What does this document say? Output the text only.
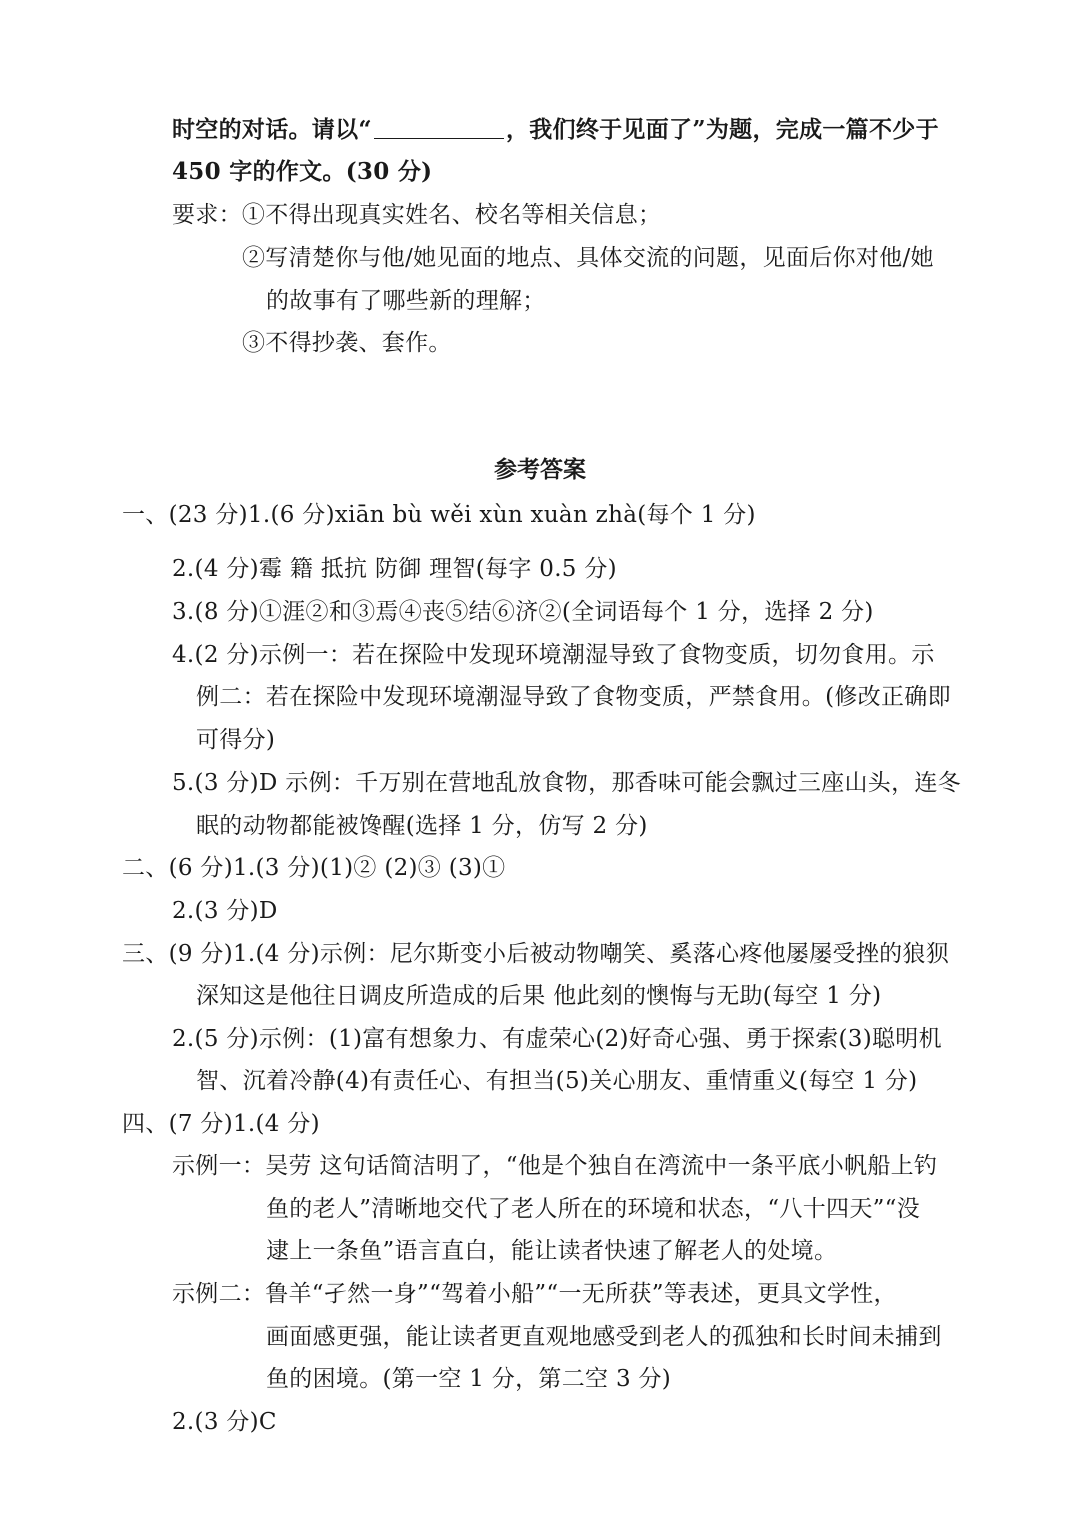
时空的对话。请以“	，我们终于见面了”为题，完成一篇不少于
450 字的作文。(30 分)
要求：①不得出现真实姓名、校名等相关信息；
②写清楚你与他/她见面的地点、具体交流的问题，见面后你对他/她
的故事有了哪些新的理解；
③不得抄袭、套作。
参考答案
一、(23 分)1.(6 分)xiān bù wěi xùn xuàn zhà(每个 1 分)
2.(4 分)霉 籍 抵抗 防御 理智(每字 0.5 分)
3.(8 分)①涯②和③焉④丧⑤结⑥济②(全词语每个 1 分，选择 2 分)
4.(2 分)示例一：若在探险中发现环境潮湿导致了食物变质，切勿食用。示
例二：若在探险中发现环境潮湿导致了食物变质，严禁食用。(修改正确即
可得分)
5.(3 分)D 示例：千万别在营地乱放食物，那香味可能会飘过三座山头，连冬
眠的动物都能被馋醒(选择 1 分，仿写 2 分)
二、(6 分)1.(3 分)(1)② (2)③ (3)①
2.(3 分)D
三、(9 分)1.(4 分)示例：尼尔斯变小后被动物嘲笑、奚落心疼他屡屡受挫的狼狈
深知这是他往日调皮所造成的后果 他此刻的懊悔与无助(每空 1 分)
2.(5 分)示例：(1)富有想象力、有虚荣心(2)好奇心强、勇于探索(3)聪明机
智、沉着冷静(4)有责任心、有担当(5)关心朋友、重情重义(每空 1 分)
四、(7 分)1.(4 分)
示例一：吴劳 这句话简洁明了，“他是个独自在湾流中一条平底小帆船上钓
鱼的老人”清晰地交代了老人所在的环境和状态，“八十四天”“没
逮上一条鱼”语言直白，能让读者快速了解老人的处境。
示例二：鲁羊“孑然一身”“驾着小船”“一无所获”等表述，更具文学性，
画面感更强，能让读者更直观地感受到老人的孤独和长时间未捕到
鱼的困境。(第一空 1 分，第二空 3 分)
2.(3 分)C
